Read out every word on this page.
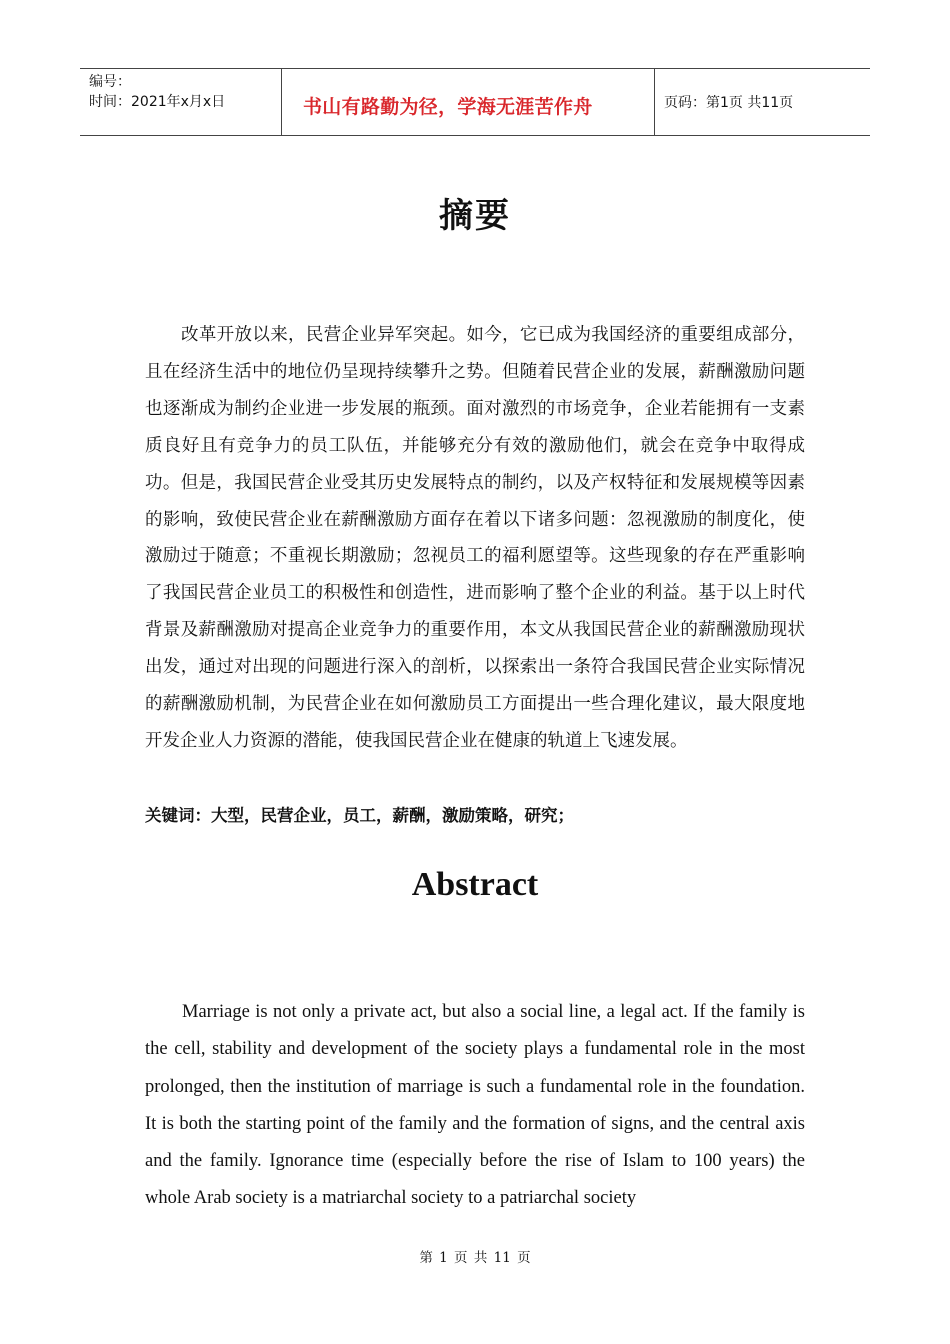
编号：
时间：2021年x月x日	书山有路勤为径，学海无涯苦作舟	页码：第1页 共11页
摘要
改革开放以来，民营企业异军突起。如今，它已成为我国经济的重要组成部分，且在经济生活中的地位仍呈现持续攀升之势。但随着民营企业的发展，薪酬激励问题也逐渐成为制约企业进一步发展的瓶颈。面对激烈的市场竞争，企业若能拥有一支素质良好且有竞争力的员工队伍，并能够充分有效的激励他们，就会在竞争中取得成功。但是，我国民营企业受其历史发展特点的制约，以及产权特征和发展规模等因素的影响，致使民营企业在薪酬激励方面存在着以下诸多问题：忽视激励的制度化，使激励过于随意；不重视长期激励；忽视员工的福利愿望等。这些现象的存在严重影响了我国民营企业员工的积极性和创造性，进而影响了整个企业的利益。基于以上时代背景及薪酬激励对提高企业竞争力的重要作用，本文从我国民营企业的薪酬激励现状出发，通过对出现的问题进行深入的剖析，以探索出一条符合我国民营企业实际情况的薪酬激励机制，为民营企业在如何激励员工方面提出一些合理化建议，最大限度地开发企业人力资源的潜能，使我国民营企业在健康的轨道上飞速发展。
关键词：大型，民营企业，员工，薪酬，激励策略，研究；
Abstract
Marriage is not only a private act, but also a social line, a legal act. If the family is the cell, stability and development of the society plays a fundamental role in the most prolonged, then the institution of marriage is such a fundamental role in the foundation. It is both the starting point of the family and the formation of signs, and the central axis and the family. Ignorance time (especially before the rise of Islam to 100 years) the whole Arab society is a matriarchal society to a patriarchal society
第 1 页 共 11 页
